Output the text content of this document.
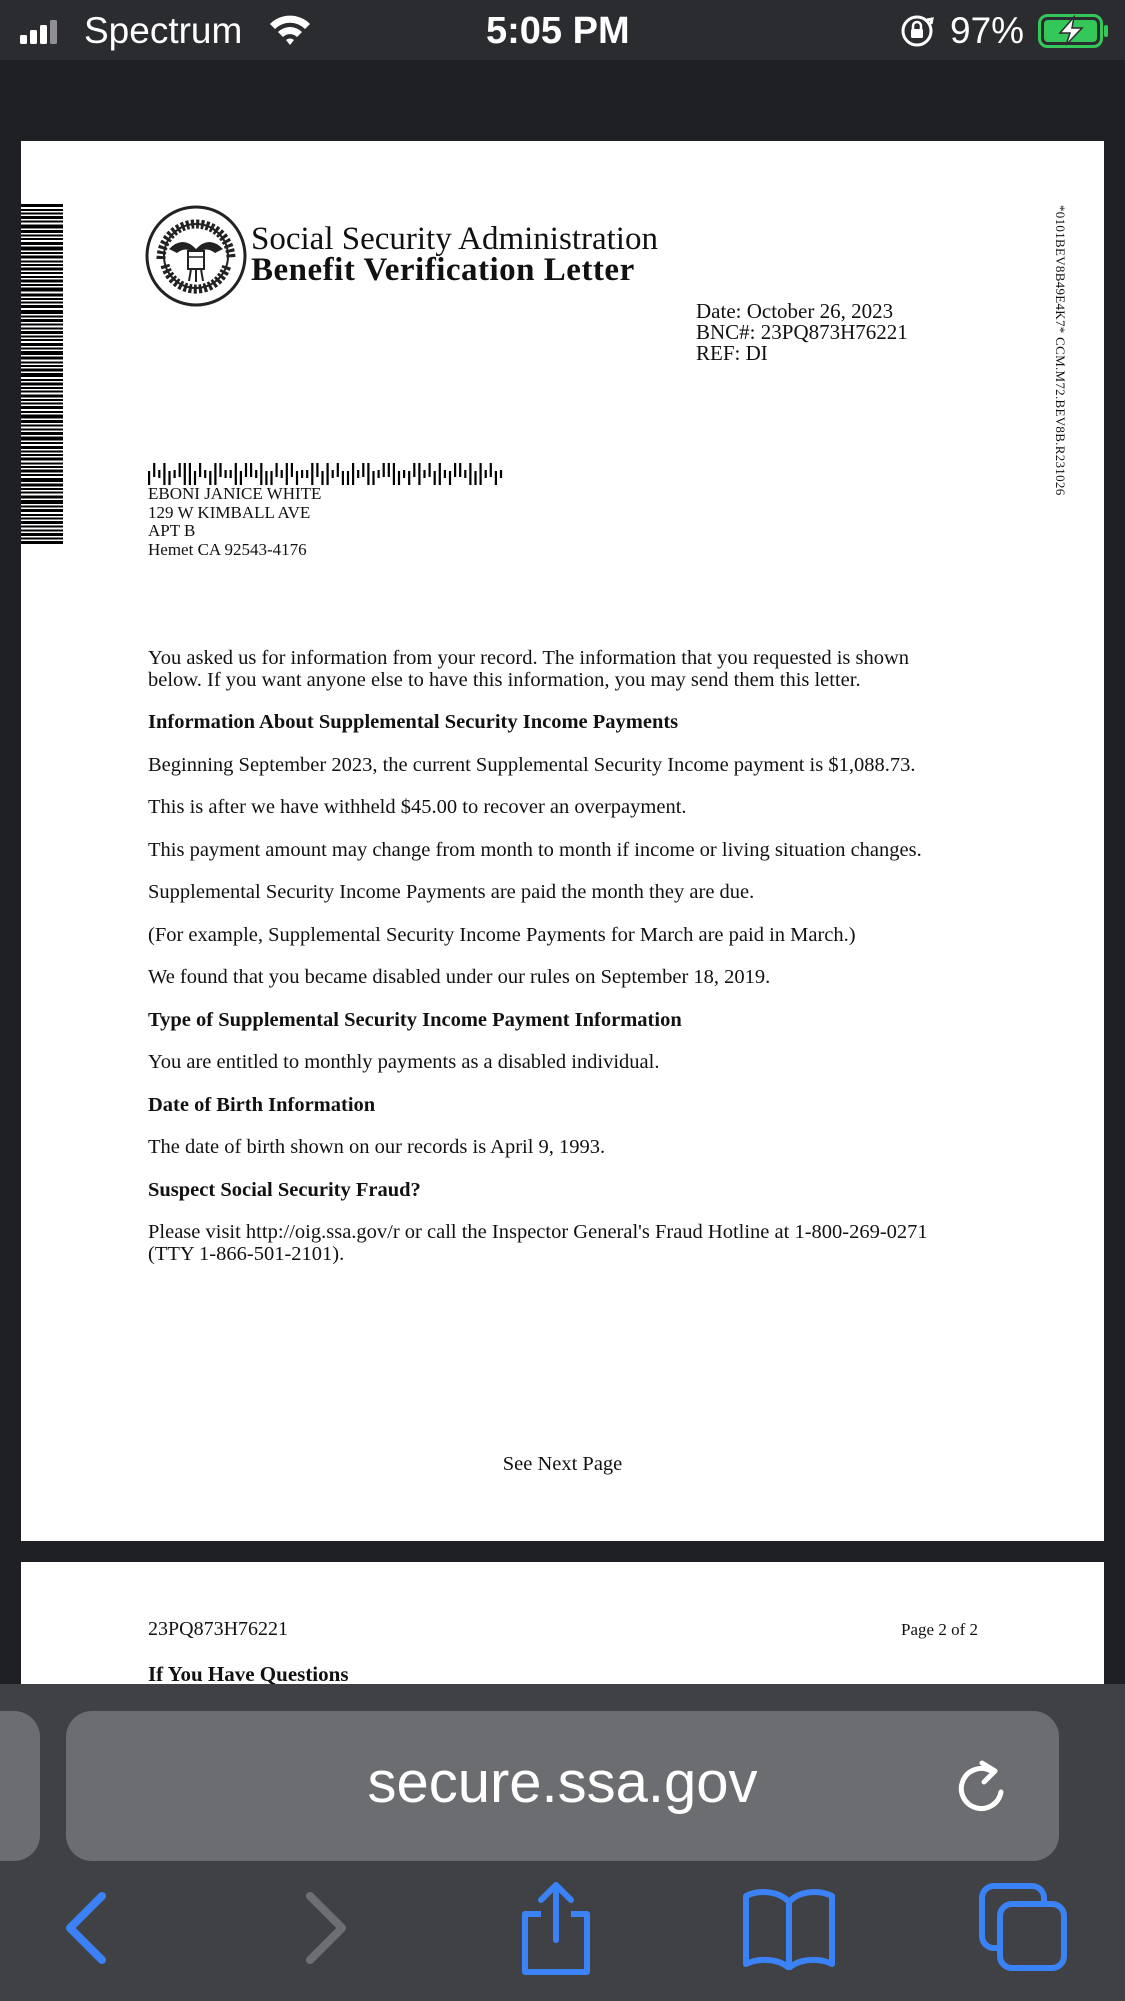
Spectrum	5:05 PM	97%
Social Security Administration
Benefit Verification Letter
Date: October 26, 2023
BNC#: 23PQ873H76221
REF: DI	*0101BEV8B49E4K7* CCM.M72.BEV8B.R231026
EBONI JANICE WHITE
129 W KIMBALL AVE
APT B
Hemet CA 92543-4176

You asked us for information from your record. The information that you requested is shown below. If you want anyone else to have this information, you may send them this letter.

Information About Supplemental Security Income Payments

Beginning September 2023, the current Supplemental Security Income payment is $1,088.73.

This is after we have withheld $45.00 to recover an overpayment.

This payment amount may change from month to month if income or living situation changes.

Supplemental Security Income Payments are paid the month they are due.

(For example, Supplemental Security Income Payments for March are paid in March.)

We found that you became disabled under our rules on September 18, 2019.

Type of Supplemental Security Income Payment Information

You are entitled to monthly payments as a disabled individual.

Date of Birth Information

The date of birth shown on our records is April 9, 1993.

Suspect Social Security Fraud?

Please visit http://oig.ssa.gov/r or call the Inspector General's Fraud Hotline at 1-800-269-0271 (TTY 1-866-501-2101).

See Next Page
23PQ873H76221	Page 2 of 2
If You Have Questions
secure.ssa.gov
